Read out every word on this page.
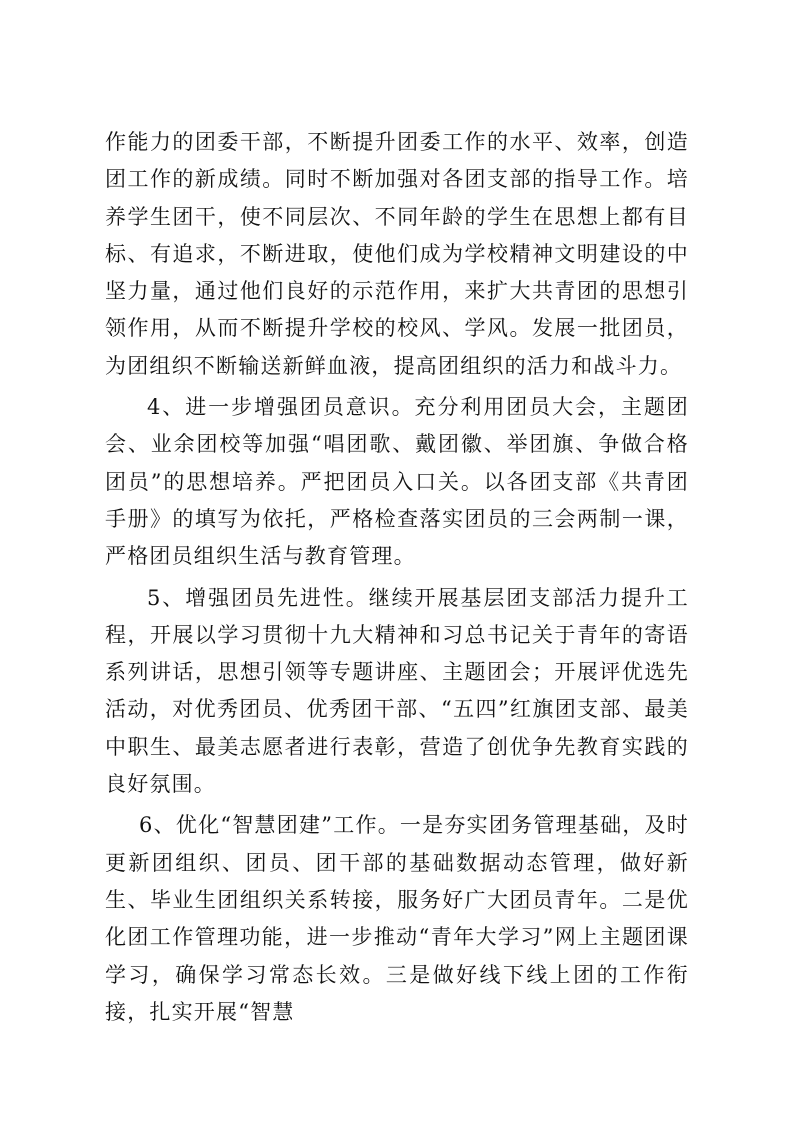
作能力的团委干部，不断提升团委工作的水平、效率，创造团工作的新成绩。同时不断加强对各团支部的指导工作。培养学生团干，使不同层次、不同年龄的学生在思想上都有目标、有追求，不断进取，使他们成为学校精神文明建设的中坚力量，通过他们良好的示范作用，来扩大共青团的思想引领作用，从而不断提升学校的校风、学风。发展一批团员，为团组织不断输送新鲜血液，提高团组织的活力和战斗力。

4、进一步增强团员意识。充分利用团员大会，主题团会、业余团校等加强“唱团歌、戴团徽、举团旗、争做合格团员”的思想培养。严把团员入口关。以各团支部《共青团手册》的填写为依托，严格检查落实团员的三会两制一课，严格团员组织生活与教育管理。

5、增强团员先进性。继续开展基层团支部活力提升工程，开展以学习贯彻十九大精神和习总书记关于青年的寄语系列讲话，思想引领等专题讲座、主题团会；开展评优选先活动，对优秀团员、优秀团干部、“五四”红旗团支部、最美中职生、最美志愿者进行表彰，营造了创优争先教育实践的良好氛围。

6、优化“智慧团建”工作。一是夯实团务管理基础，及时更新团组织、团员、团干部的基础数据动态管理，做好新生、毕业生团组织关系转接，服务好广大团员青年。二是优化团工作管理功能，进一步推动“青年大学习”网上主题团课学习，确保学习常态长效。三是做好线下线上团的工作衔接，扎实开展“智慧
